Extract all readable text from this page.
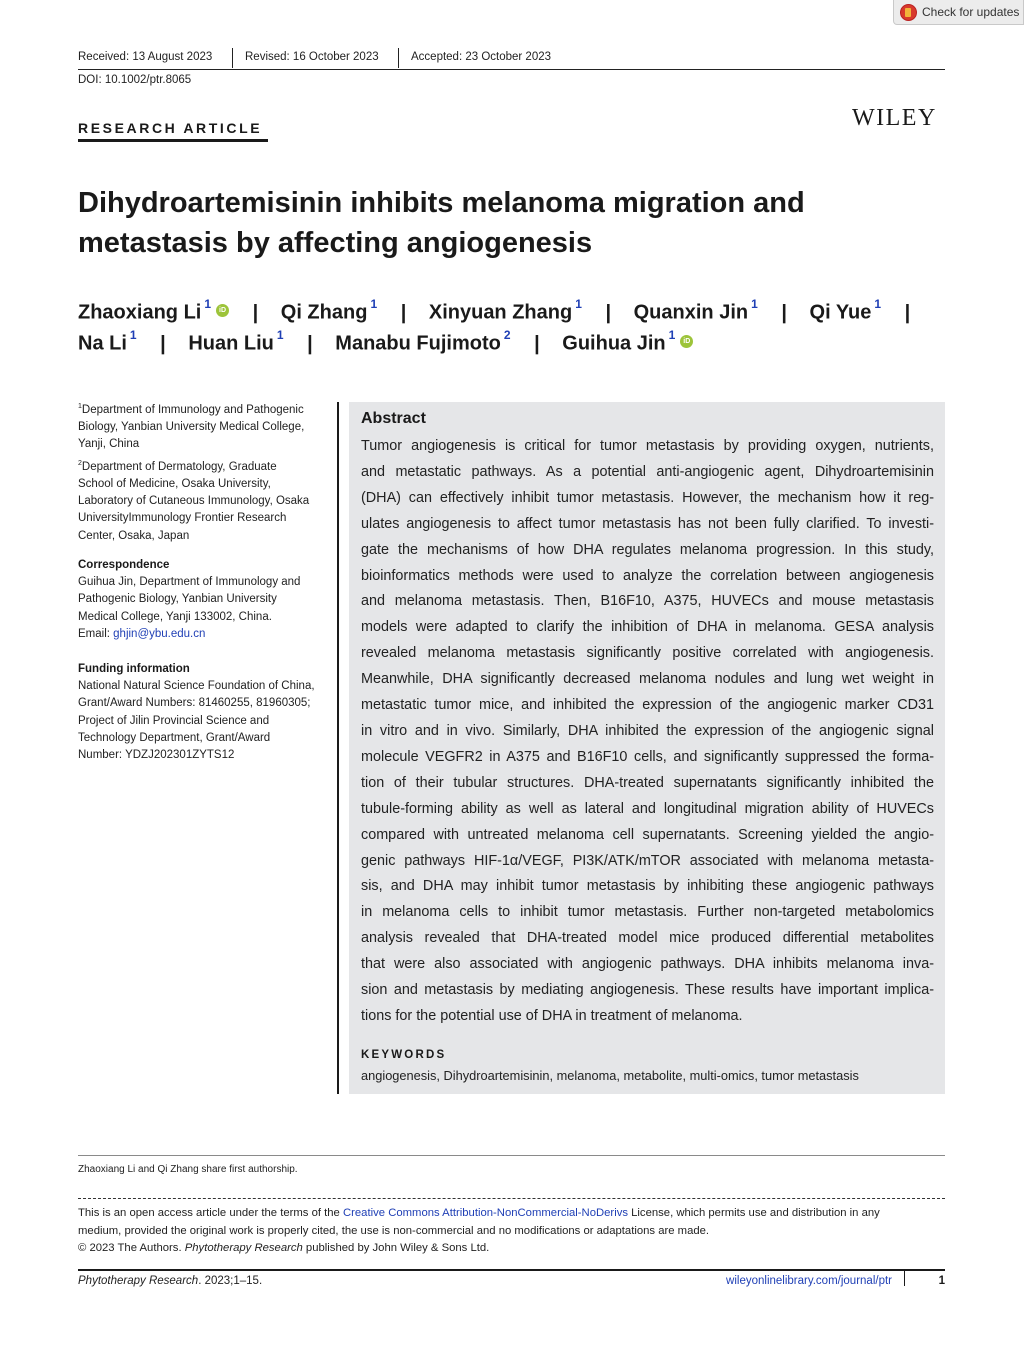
Check for updates
Received: 13 August 2023	Revised: 16 October 2023	Accepted: 23 October 2023
DOI: 10.1002/ptr.8065
RESEARCH ARTICLE	WILEY
Dihydroartemisinin inhibits melanoma migration and metastasis by affecting angiogenesis
Zhaoxiang Li $^1$iD | Qi Zhang $^1$ | Xinyuan Zhang $^1$ | Quanxin Jin $^1$ | Qi Yue $^1$ |
Na Li $^1$ | Huan Liu $^1$ | Manabu Fujimoto $^2$ | Guihua Jin $^1$iD
$^1$Department of Immunology and Pathogenic
Biology, Yanbian University Medical College,
Yanji, China
$^2$Department of Dermatology, Graduate
School of Medicine, Osaka University,
Laboratory of Cutaneous Immunology, Osaka
UniversityImmunology Frontier Research
Center, Osaka, Japan
Correspondence
Guihua Jin, Department of Immunology and
Pathogenic Biology, Yanbian University
Medical College, Yanji 133002, China.
Email: ghjin@ybu.edu.cn
Funding information
National Natural Science Foundation of China,
Grant/Award Numbers: 81460255, 81960305;
Project of Jilin Provincial Science and
Technology Department, Grant/Award
Number: YDZJ202301ZYTS12
Abstract
Tumor angiogenesis is critical for tumor metastasis by providing oxygen, nutrients,
and metastatic pathways. As a potential anti-angiogenic agent, Dihydroartemisinin
(DHA) can effectively inhibit tumor metastasis. However, the mechanism how it reg-
ulates angiogenesis to affect tumor metastasis has not been fully clarified. To investi-
gate the mechanisms of how DHA regulates melanoma progression. In this study,
bioinformatics methods were used to analyze the correlation between angiogenesis
and melanoma metastasis. Then, B16F10, A375, HUVECs and mouse metastasis
models were adapted to clarify the inhibition of DHA in melanoma. GESA analysis
revealed melanoma metastasis significantly positive correlated with angiogenesis.
Meanwhile, DHA significantly decreased melanoma nodules and lung wet weight in
metastatic tumor mice, and inhibited the expression of the angiogenic marker CD31
in vitro and in vivo. Similarly, DHA inhibited the expression of the angiogenic signal
molecule VEGFR2 in A375 and B16F10 cells, and significantly suppressed the forma-
tion of their tubular structures. DHA-treated supernatants significantly inhibited the
tubule-forming ability as well as lateral and longitudinal migration ability of HUVECs
compared with untreated melanoma cell supernatants. Screening yielded the angio-
genic pathways HIF-1α/VEGF, PI3K/ATK/mTOR associated with melanoma metasta-
sis, and DHA may inhibit tumor metastasis by inhibiting these angiogenic pathways
in melanoma cells to inhibit tumor metastasis. Further non-targeted metabolomics
analysis revealed that DHA-treated model mice produced differential metabolites
that were also associated with angiogenic pathways. DHA inhibits melanoma inva-
sion and metastasis by mediating angiogenesis. These results have important implica-
tions for the potential use of DHA in treatment of melanoma.
KEYWORDS
angiogenesis, Dihydroartemisinin, melanoma, metabolite, multi-omics, tumor metastasis
Zhaoxiang Li and Qi Zhang share first authorship.
This is an open access article under the terms of the Creative Commons Attribution-NonCommercial-NoDerivs License, which permits use and distribution in any
medium, provided the original work is properly cited, the use is non-commercial and no modifications or adaptations are made.
© 2023 The Authors. Phytotherapy Research published by John Wiley & Sons Ltd.
Phytotherapy Research. 2023;1–15.	wileyonlinelibrary.com/journal/ptr	1
